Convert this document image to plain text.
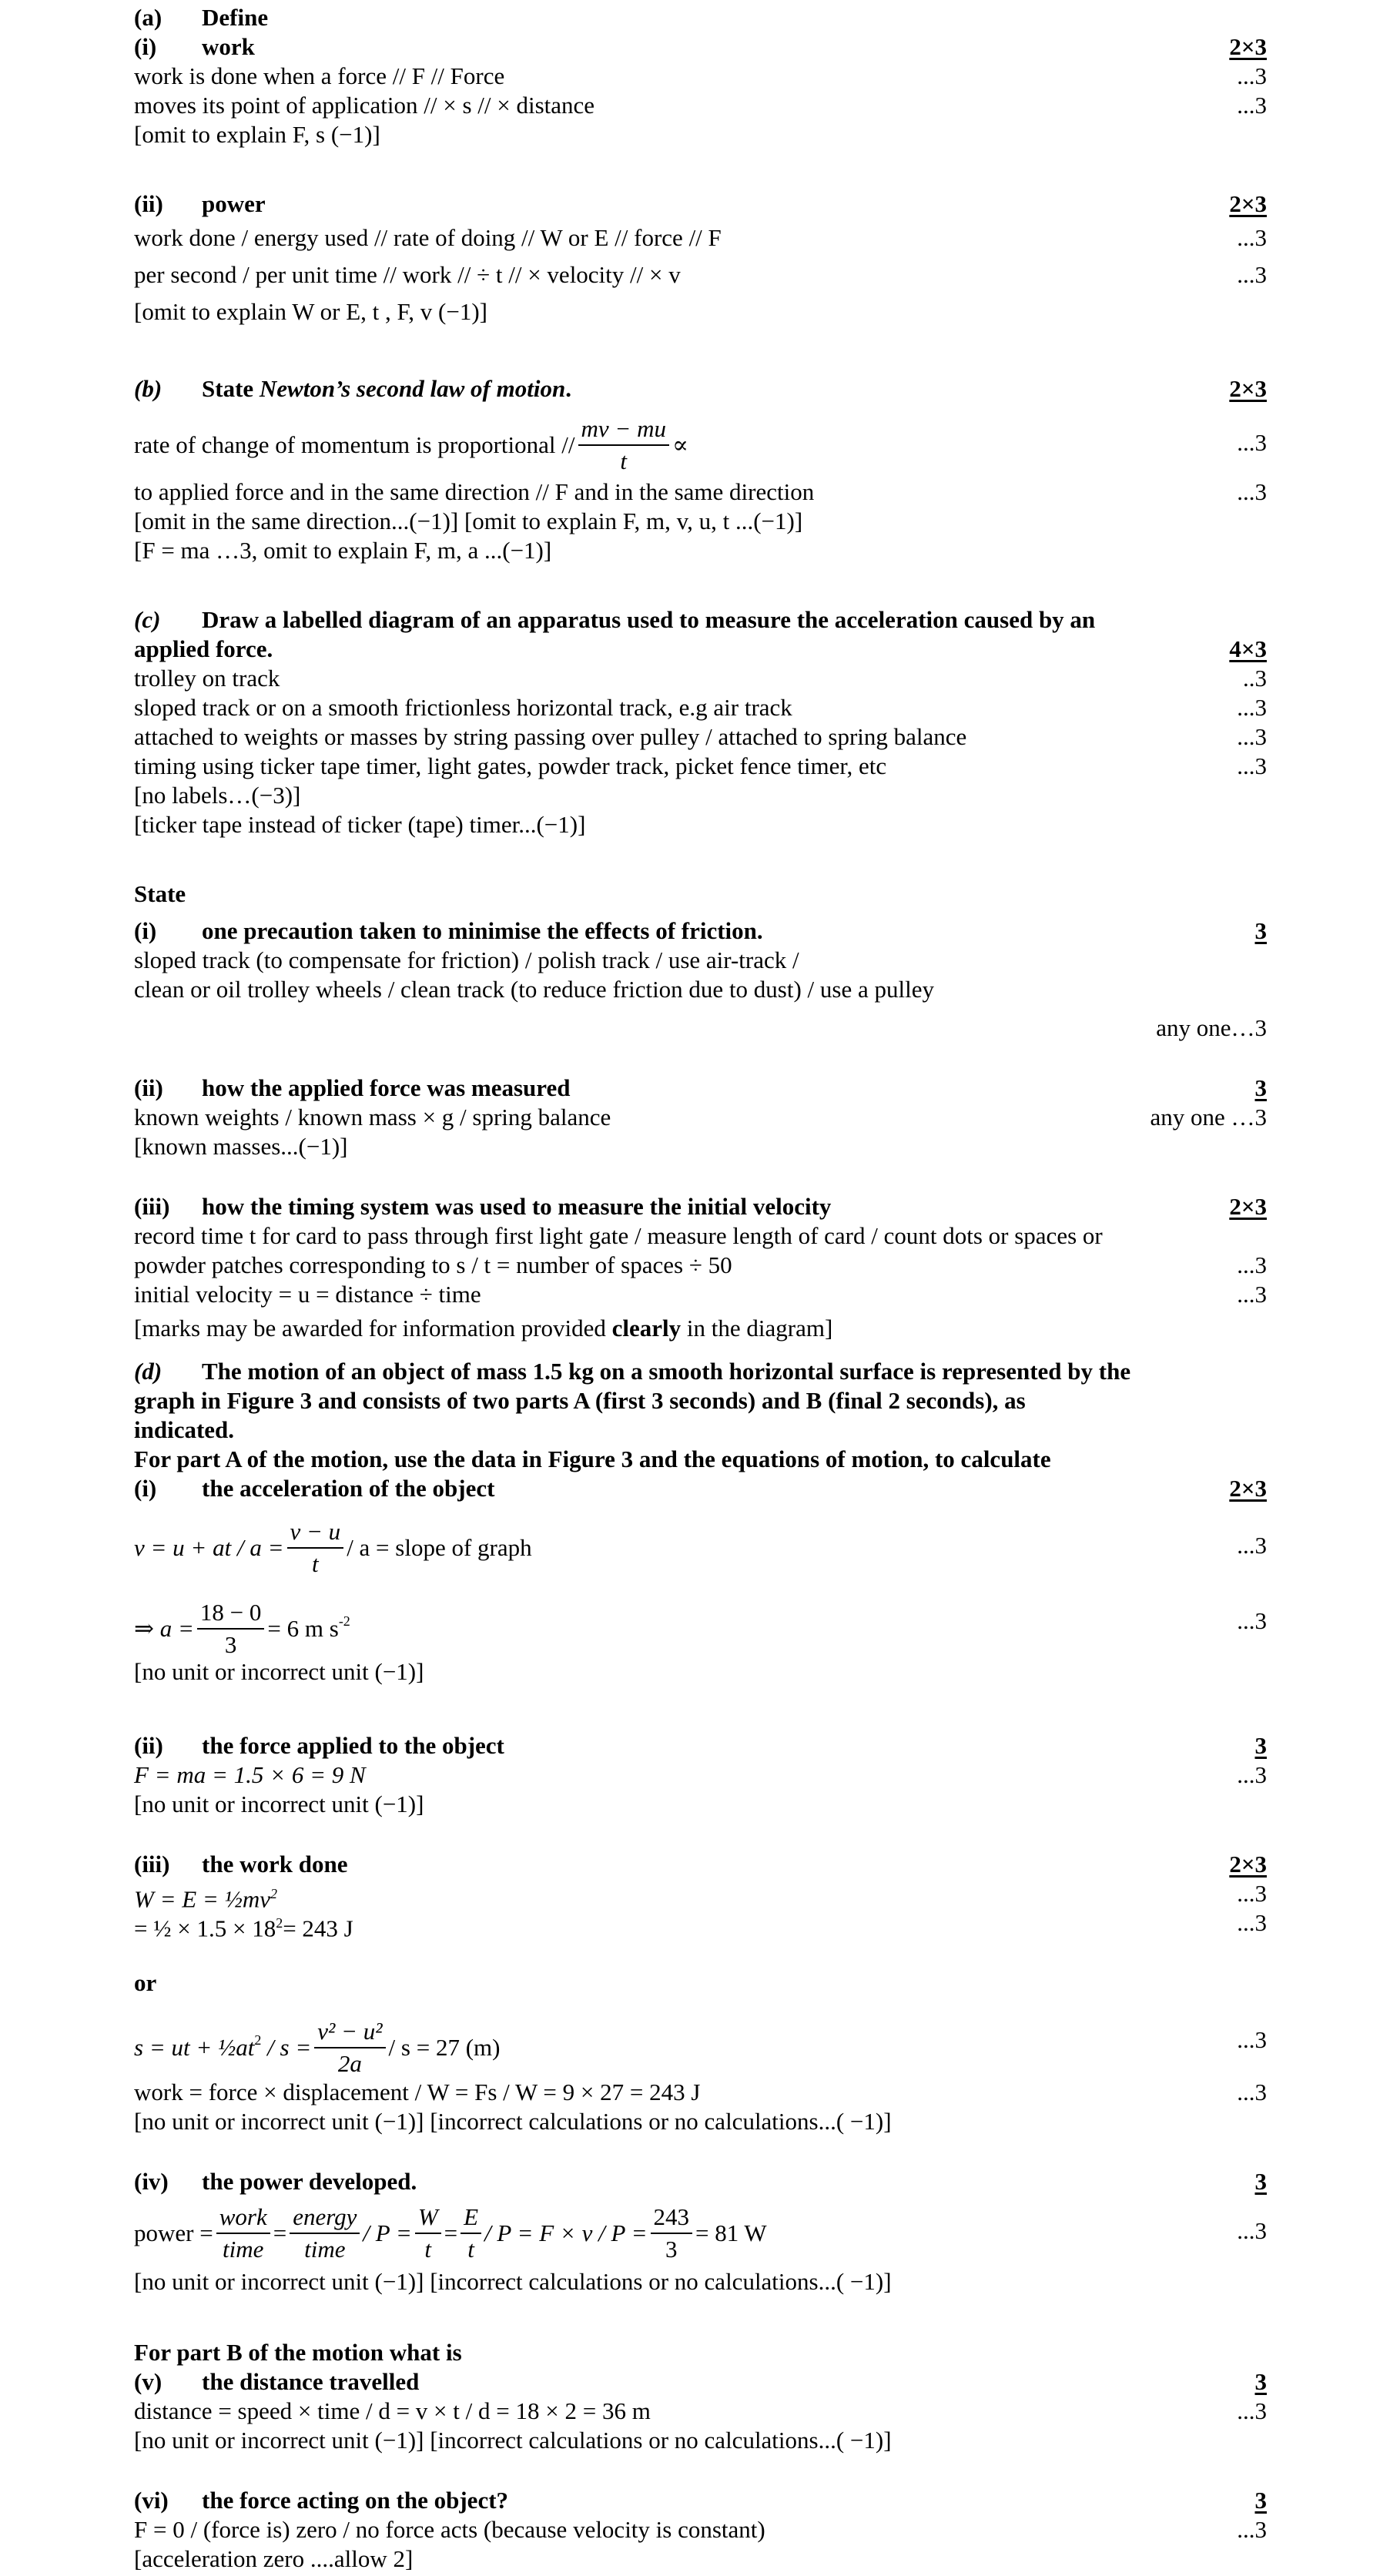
(a) Define
(i) work	2×3
work is done when a force // F // Force	...3
moves its point of application // × s // × distance	...3
[omit to explain F, s (−1)]
(ii) power	2×3
work done / energy used // rate of doing // W or E // force // F	...3
per second / per unit time // work // ÷ t // × velocity // × v	...3
[omit to explain W or E, t , F, v (−1)]
(b) State Newton’s second law of motion.	2×3
rate of change of momentum is proportional // $\frac{mv - mu}{t}$ ∝	...3
to applied force and in the same direction // F and in the same direction	...3
[omit in the same direction...(−1)] [omit to explain F, m, v, u, t ...(−1)]
[F = ma …3, omit to explain F, m, a ...(−1)]
(c) Draw a labelled diagram of an apparatus used to measure the acceleration caused by an
applied force.	4×3
trolley on track	..3
sloped track or on a smooth frictionless horizontal track, e.g air track	...3
attached to weights or masses by string passing over pulley / attached to spring balance	...3
timing using ticker tape timer, light gates, powder track, picket fence timer, etc	...3
[no labels…(−3)]
[ticker tape instead of ticker (tape) timer...(−1)]
State
(i) one precaution taken to minimise the effects of friction.	3
sloped track (to compensate for friction) / polish track / use air-track /
clean or oil trolley wheels / clean track (to reduce friction due to dust) / use a pulley
any one…3
(ii) how the applied force was measured	3
known weights / known mass × g / spring balance	any one …3
[known masses...(−1)]
(iii) how the timing system was used to measure the initial velocity	2×3
record time t for card to pass through first light gate / measure length of card / count dots or spaces or
powder patches corresponding to s / t = number of spaces ÷ 50	...3
initial velocity = u = distance ÷ time	...3
[marks may be awarded for information provided clearly in the diagram]
(d) The motion of an object of mass 1.5 kg on a smooth horizontal surface is represented by the
graph in Figure 3 and consists of two parts A (first 3 seconds) and B (final 2 seconds), as
indicated.
For part A of the motion, use the data in Figure 3 and the equations of motion, to calculate
(i) the acceleration of the object	2×3
v = u + at / $a = \frac{v - u}{t} / a$ = slope of graph	...3
⇒ $a = \frac{18 - 0}{3} = 6$ m $s^{-2}$	...3
[no unit or incorrect unit (−1)]
(ii) the force applied to the object	3
F = ma = 1.5 × 6 = 9 N	...3
[no unit or incorrect unit (−1)]
(iii) the work done	2×3
$W = E = \frac{1}{2}mv^2$	...3
= ½ × $1.5 \times 18^2= 243$ J	...3
or
s = ut + $\frac{1}{2}at^2 / s = \frac{\text{v² − u²}}{2a} / s = 27$ (m)	...3
work = force × displacement / W = Fs / W = 9 × 27 = 243 J	...3
[no unit or incorrect unit (−1)] [incorrect calculations or no calculations...( −1)]
(iv) the power developed.	3
power = $\frac{\text{work}}{\text{time}} = \frac{\text{energy}}{\text{time}} / P = \frac{W}{t} = \frac{E}{t} / P = F \times v / P = \frac{243}{3} = 81$ W	...3
[no unit or incorrect unit (−1)] [incorrect calculations or no calculations...( −1)]
For part B of the motion what is
(v) the distance travelled	3
distance = speed × time / d = v × t / d = 18 × 2 = 36 m	...3
[no unit or incorrect unit (−1)] [incorrect calculations or no calculations...( −1)]
(vi) the force acting on the object?	3
F = 0 / (force is) zero / no force acts (because velocity is constant)	...3
[acceleration zero ....allow 2]
